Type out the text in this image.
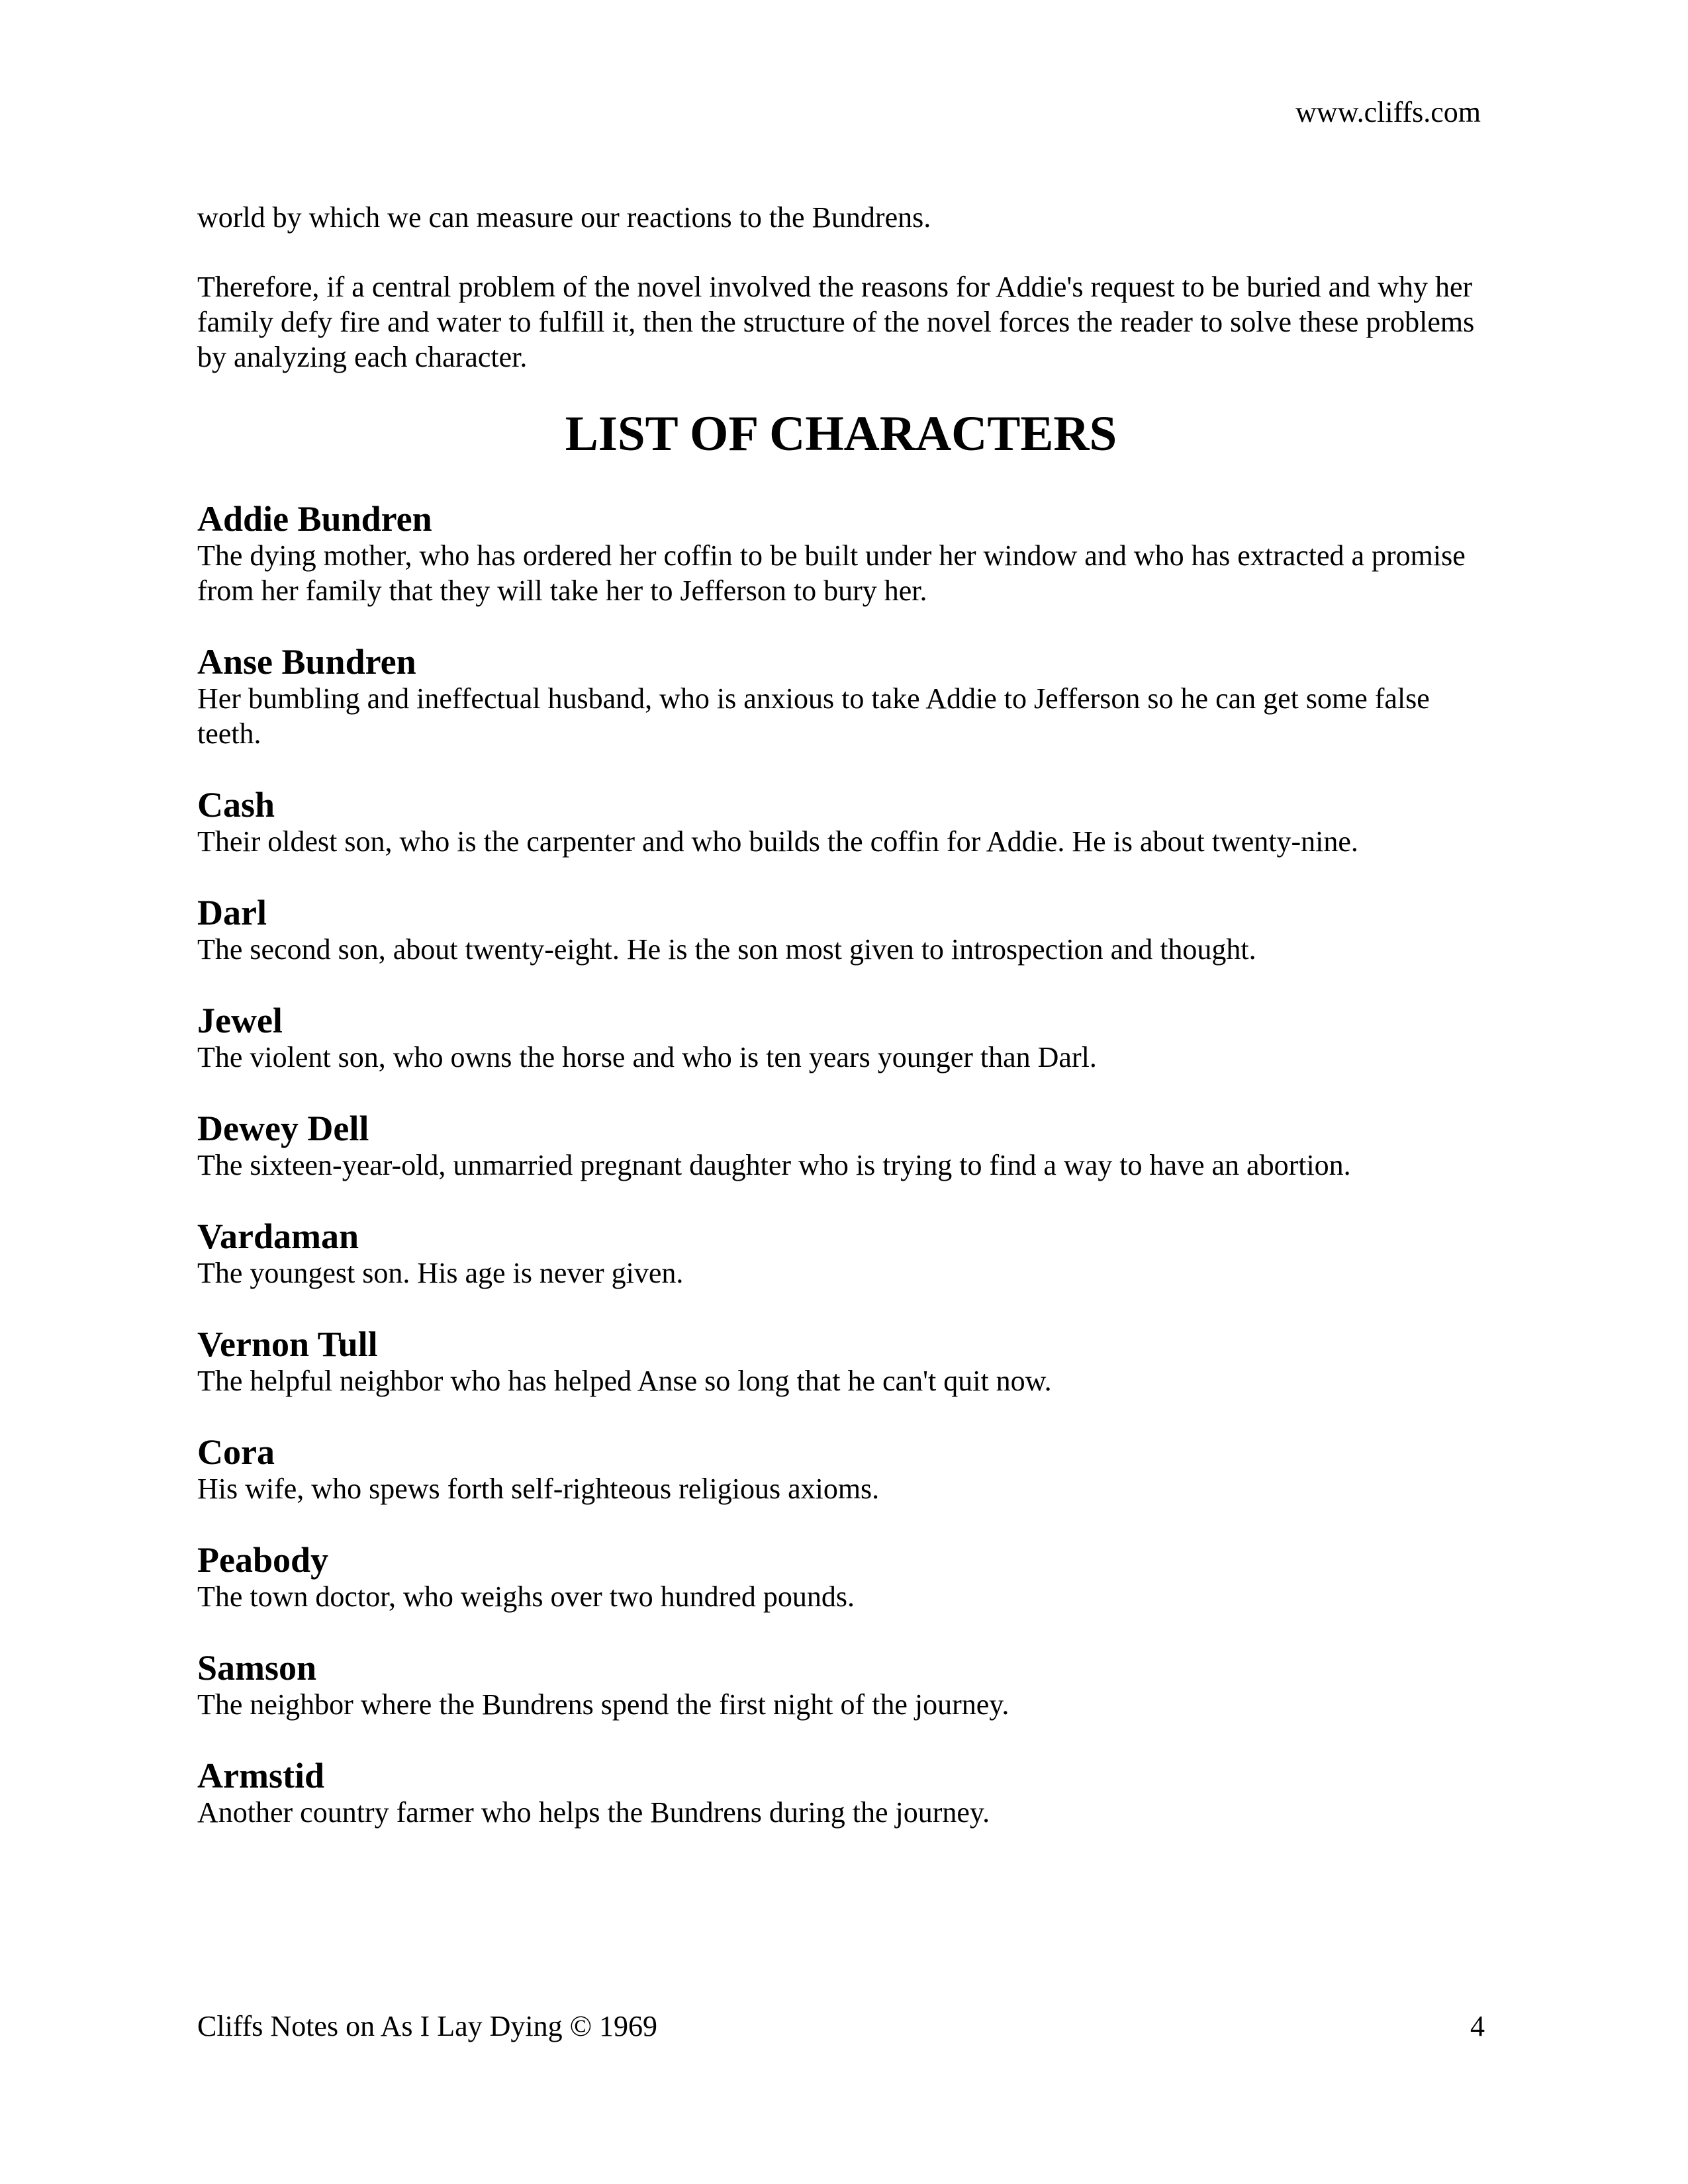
www.cliffs.com

world by which we can measure our reactions to the Bundrens.

Therefore, if a central problem of the novel involved the reasons for Addie's request to be buried and why her family defy fire and water to fulfill it, then the structure of the novel forces the reader to solve these problems by analyzing each character.

LIST OF CHARACTERS
Addie Bundren

The dying mother, who has ordered her coffin to be built under her window and who has extracted a promise from her family that they will take her to Jefferson to bury her.

Anse Bundren

Her bumbling and ineffectual husband, who is anxious to take Addie to Jefferson so he can get some false teeth.

Cash

Their oldest son, who is the carpenter and who builds the coffin for Addie. He is about twenty-nine.

Darl

The second son, about twenty-eight. He is the son most given to introspection and thought.

Jewel

The violent son, who owns the horse and who is ten years younger than Darl.

Dewey Dell

The sixteen-year-old, unmarried pregnant daughter who is trying to find a way to have an abortion.

Vardaman

The youngest son. His age is never given.

Vernon Tull

The helpful neighbor who has helped Anse so long that he can't quit now.

Cora

His wife, who spews forth self-righteous religious axioms.

Peabody

The town doctor, who weighs over two hundred pounds.

Samson

The neighbor where the Bundrens spend the first night of the journey.

Armstid

Another country farmer who helps the Bundrens during the journey.

Cliffs Notes on As I Lay Dying © 1969	4
